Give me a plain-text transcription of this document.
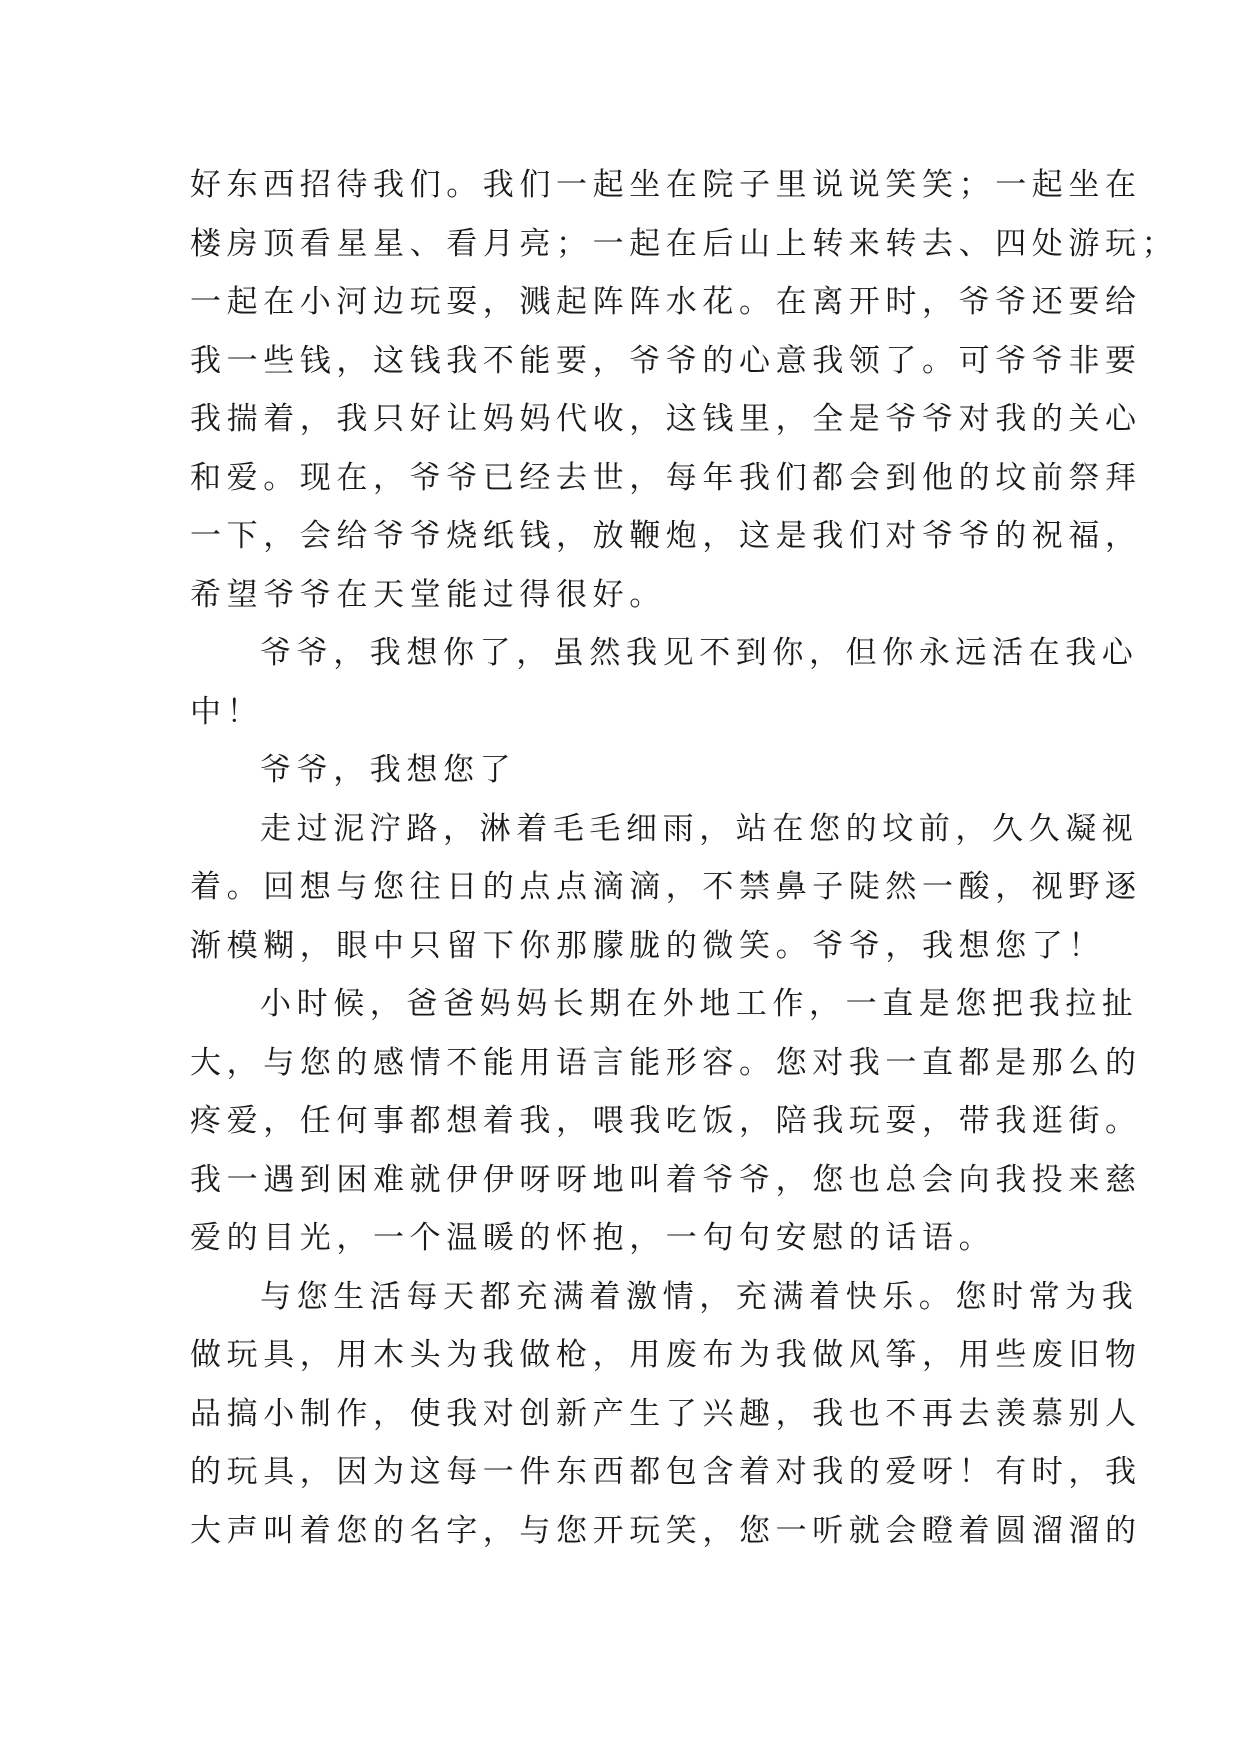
好东西招待我们。我们一起坐在院子里说说笑笑；一起坐在
楼房顶看星星、看月亮；一起在后山上转来转去、四处游玩；
一起在小河边玩耍，溅起阵阵水花。在离开时，爷爷还要给
我一些钱，这钱我不能要，爷爷的心意我领了。可爷爷非要
我揣着，我只好让妈妈代收，这钱里，全是爷爷对我的关心
和爱。现在，爷爷已经去世，每年我们都会到他的坟前祭拜
一下，会给爷爷烧纸钱，放鞭炮，这是我们对爷爷的祝福，
希望爷爷在天堂能过得很好。
爷爷，我想你了，虽然我见不到你，但你永远活在我心
中！
爷爷，我想您了
走过泥泞路，淋着毛毛细雨，站在您的坟前，久久凝视
着。回想与您往日的点点滴滴，不禁鼻子陡然一酸，视野逐
渐模糊，眼中只留下你那朦胧的微笑。爷爷，我想您了！
小时候，爸爸妈妈长期在外地工作，一直是您把我拉扯
大，与您的感情不能用语言能形容。您对我一直都是那么的
疼爱，任何事都想着我，喂我吃饭，陪我玩耍，带我逛街。
我一遇到困难就伊伊呀呀地叫着爷爷，您也总会向我投来慈
爱的目光，一个温暖的怀抱，一句句安慰的话语。
与您生活每天都充满着激情，充满着快乐。您时常为我
做玩具，用木头为我做枪，用废布为我做风筝，用些废旧物
品搞小制作，使我对创新产生了兴趣，我也不再去羡慕别人
的玩具，因为这每一件东西都包含着对我的爱呀！有时，我
大声叫着您的名字，与您开玩笑，您一听就会瞪着圆溜溜的
